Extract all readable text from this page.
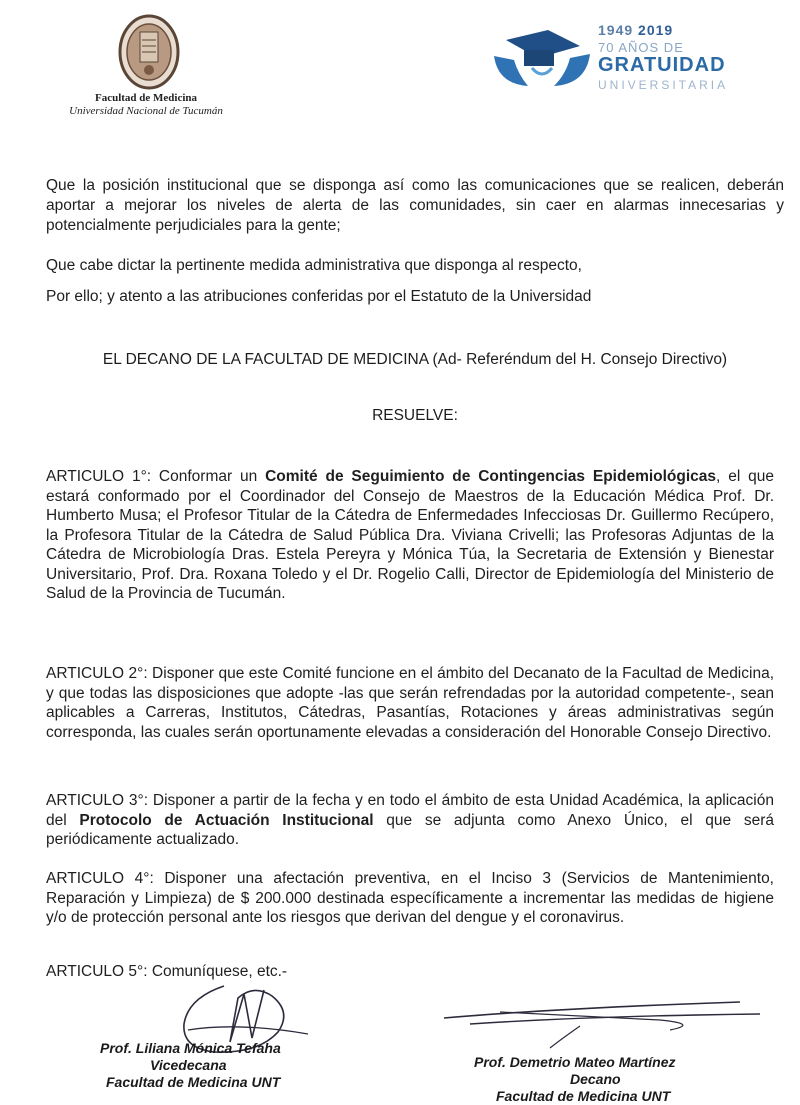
Facultad de Medicina
Universidad Nacional de Tucumán
1949 2019
70 AÑOS DE
GRATUIDAD
UNIVERSITARIA
Que la posición institucional que se disponga así como las comunicaciones que se realicen, deberán aportar a mejorar los niveles de alerta de las comunidades, sin caer en alarmas innecesarias y potencialmente perjudiciales para la gente;
Que cabe dictar la pertinente medida administrativa que disponga al respecto,
Por ello; y atento a las atribuciones conferidas por el Estatuto de la Universidad
EL DECANO DE LA FACULTAD DE MEDICINA (Ad- Referéndum del H. Consejo Directivo)
RESUELVE:
ARTICULO 1°: Conformar un Comité de Seguimiento de Contingencias Epidemiológicas, el que estará conformado por el Coordinador del Consejo de Maestros de la Educación Médica Prof. Dr. Humberto Musa; el Profesor Titular de la Cátedra de Enfermedades Infecciosas Dr. Guillermo Recúpero, la Profesora Titular de la Cátedra de Salud Pública Dra. Viviana Crivelli; las Profesoras Adjuntas de la Cátedra de Microbiología Dras. Estela Pereyra y Mónica Túa, la Secretaria de Extensión y Bienestar Universitario, Prof. Dra. Roxana Toledo y el Dr. Rogelio Calli, Director de Epidemiología del Ministerio de Salud de la Provincia de Tucumán.
ARTICULO 2°: Disponer que este Comité funcione en el ámbito del Decanato de la Facultad de Medicina, y que todas las disposiciones que adopte -las que serán refrendadas por la autoridad competente-, sean aplicables a Carreras, Institutos, Cátedras, Pasantías, Rotaciones y áreas administrativas según corresponda, las cuales serán oportunamente elevadas a consideración del Honorable Consejo Directivo.
ARTICULO 3°: Disponer a partir de la fecha y en todo el ámbito de esta Unidad Académica, la aplicación del Protocolo de Actuación Institucional que se adjunta como Anexo Único, el que será periódicamente actualizado.
ARTICULO 4°: Disponer una afectación preventiva, en el Inciso 3 (Servicios de Mantenimiento, Reparación y Limpieza) de $ 200.000 destinada específicamente a incrementar las medidas de higiene y/o de protección personal ante los riesgos que derivan del dengue y el coronavirus.
ARTICULO 5°: Comuníquese, etc.-
Prof. Liliana Mónica Tefaha
Vicedecana
Facultad de Medicina UNT
Prof. Demetrio Mateo Martínez
Decano
Facultad de Medicina UNT
